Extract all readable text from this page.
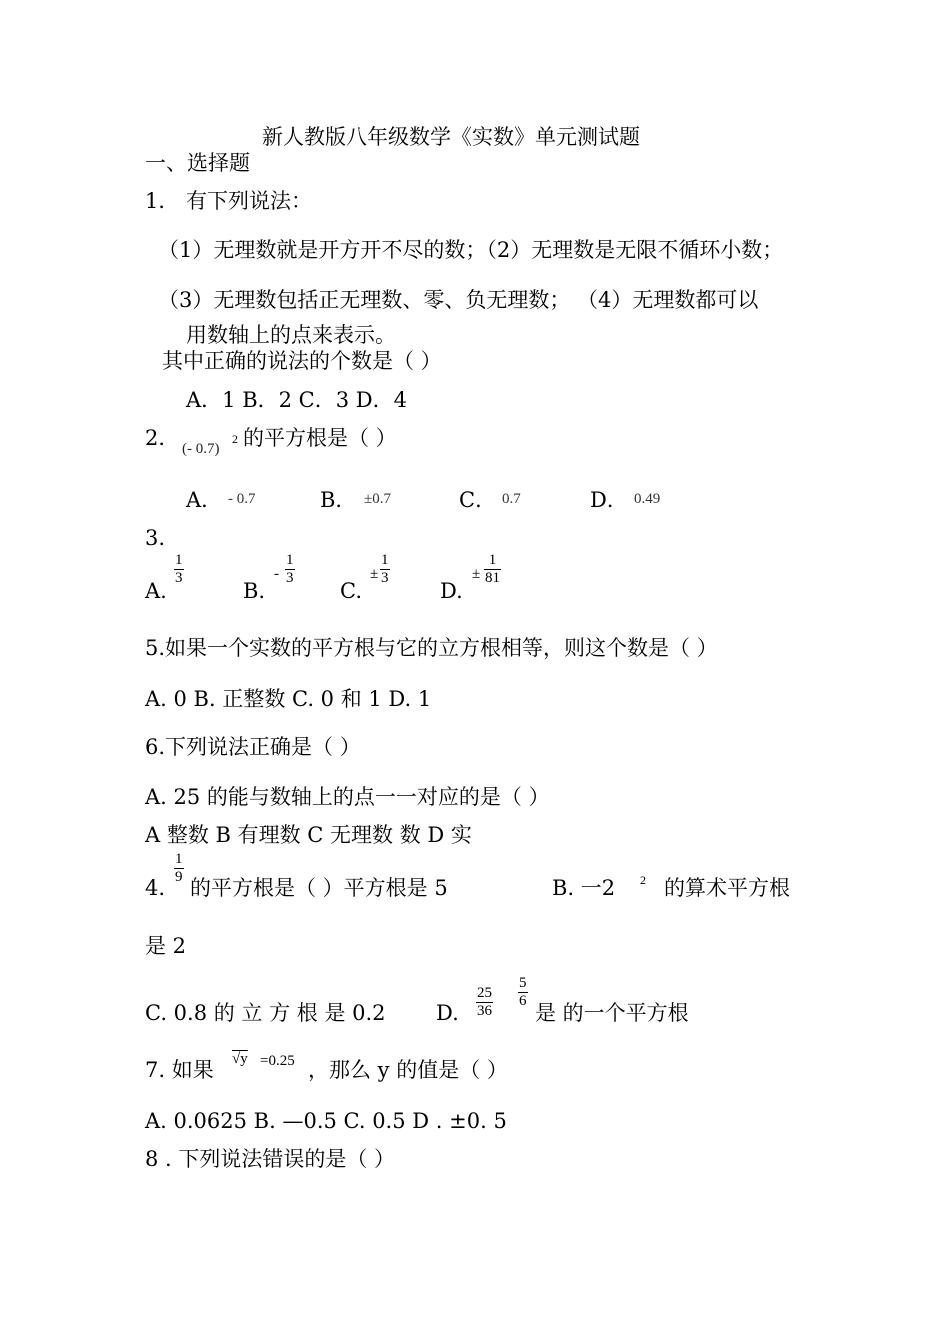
新人教版八年级数学《实数》单元测试题
一、选择题
1． 有下列说法：
（1）无理数就是开方开不尽的数；（2）无理数是无限不循环小数；
（3）无理数包括正无理数、零、负无理数； （4）无理数都可以
用数轴上的点来表示。
其中正确的说法的个数是（ ）
A．1 B．2 C．3 D．4
2． (- 0.7)
2 的平方根是（ ）
A． - 0.7	B． ±0.7	C． 0.7	D． 0.49
3.
A.
$\frac{1}{3}$
B.
- $\frac{1}{3}$
C.
± $\frac{1}{3}$
D.
± $\frac{1}{81}$
5.如果一个实数的平方根与它的立方根相等，则这个数是（ ）
A. 0 B. 正整数 C. 0 和 1 D. 1
6.下列说法正确是（ ）
A. 25 的能与数轴上的点一一对应的是（ ）
A 整数 B 有理数 C 无理数 数 D 实
4.
$\frac{1}{9}$
的平方根是（ ）平方根是 5	B. 一2 2 的算术平方根
是 2
C. 0.8 的 立 方 根 是 0.2 D. $\frac{25}{36} \frac{5}{6}$
是 的一个平方根
7. 如果 √y =0.25 ，那么 y 的值是（ ）
A. 0.0625 B. —0.5 C. 0.5 D . ±0. 5
8 . 下列说法错误的是（ ）
